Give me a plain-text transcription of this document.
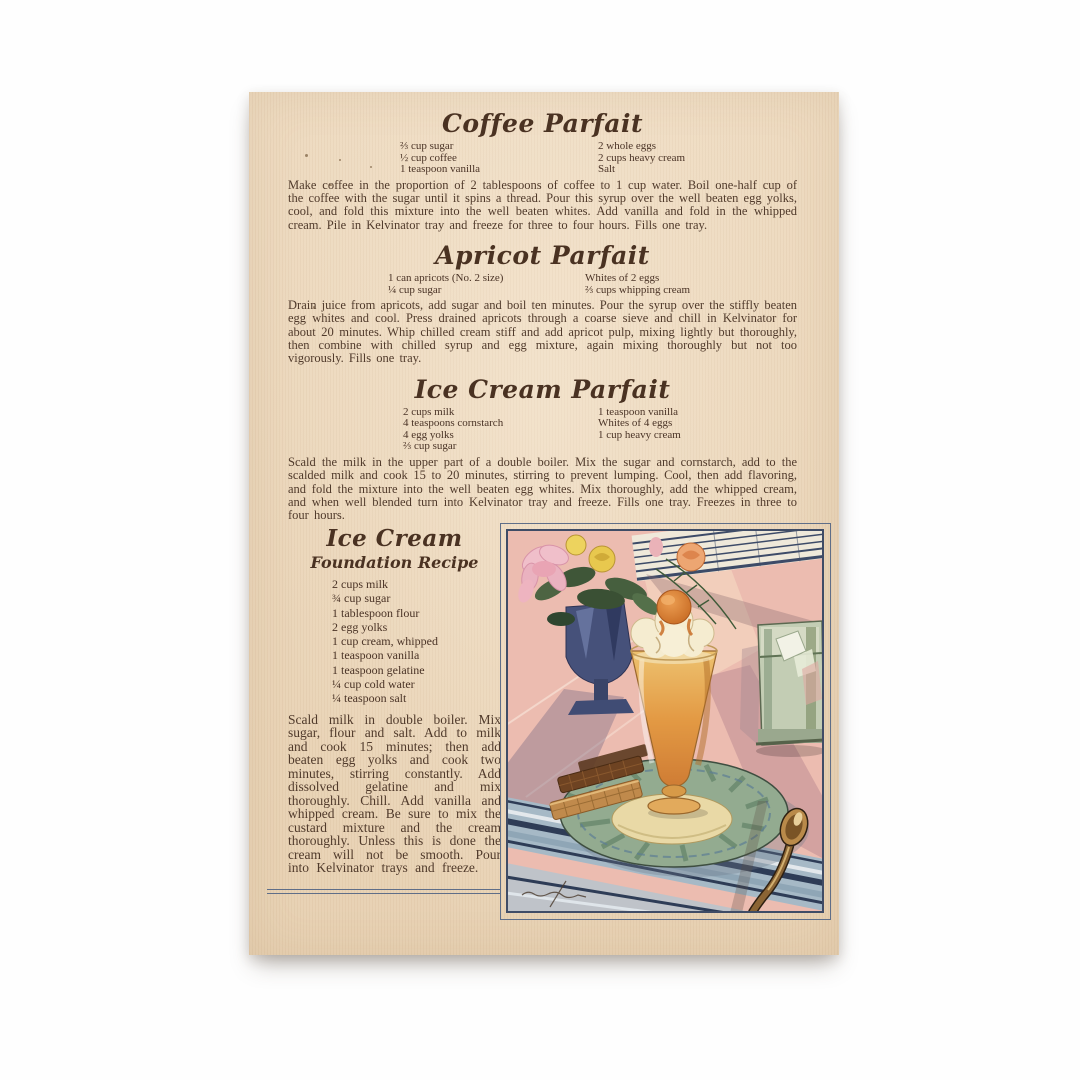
Coffee Parfait
⅔ cup sugar
½ cup coffee
1 teaspoon vanilla
2 whole eggs
2 cups heavy cream
Salt

Make coffee in the proportion of 2 tablespoons of coffee to 1 cup water. Boil one-half cup of the coffee with the sugar until it spins a thread. Pour this syrup over the well beaten egg yolks, cool, and fold this mixture into the well beaten whites. Add vanilla and fold in the whipped cream. Pile in Kelvinator tray and freeze for three to four hours. Fills one tray.

Apricot Parfait
1 can apricots (No. 2 size)
¼ cup sugar
Whites of 2 eggs
⅔ cups whipping cream

Drain juice from apricots, add sugar and boil ten minutes. Pour the syrup over the stiffly beaten egg whites and cool. Press drained apricots through a coarse sieve and chill in Kelvinator for about 20 minutes. Whip chilled cream stiff and add apricot pulp, mixing lightly but thoroughly, then combine with chilled syrup and egg mixture, again mixing thoroughly but not too vigorously. Fills one tray.

Ice Cream Parfait
2 cups milk
4 teaspoons cornstarch
4 egg yolks
⅔ cup sugar
1 teaspoon vanilla
Whites of 4 eggs
1 cup heavy cream

Scald the milk in the upper part of a double boiler. Mix the sugar and cornstarch, add to the scalded milk and cook 15 to 20 minutes, stirring to prevent lumping. Cool, then add flavoring, and fold the mixture into the well beaten egg whites. Mix thoroughly, add the whipped cream, and when well blended turn into Kelvinator tray and freeze. Fills one tray. Freezes in three to four hours.

Ice Cream
Foundation Recipe
2 cups milk
¾ cup sugar
1 tablespoon flour
2 egg yolks
1 cup cream, whipped
1 teaspoon vanilla
1 teaspoon gelatine
¼ cup cold water
¼ teaspoon salt

Scald milk in double boiler. Mix sugar, flour and salt. Add to milk and cook 15 minutes; then add beaten egg yolks and cook two minutes, stirring constantly. Add dissolved gelatine and mix thoroughly. Chill. Add vanilla and whipped cream. Be sure to mix the custard mixture and the cream thoroughly. Unless this is done the cream will not be smooth. Pour into Kelvinator trays and freeze.
